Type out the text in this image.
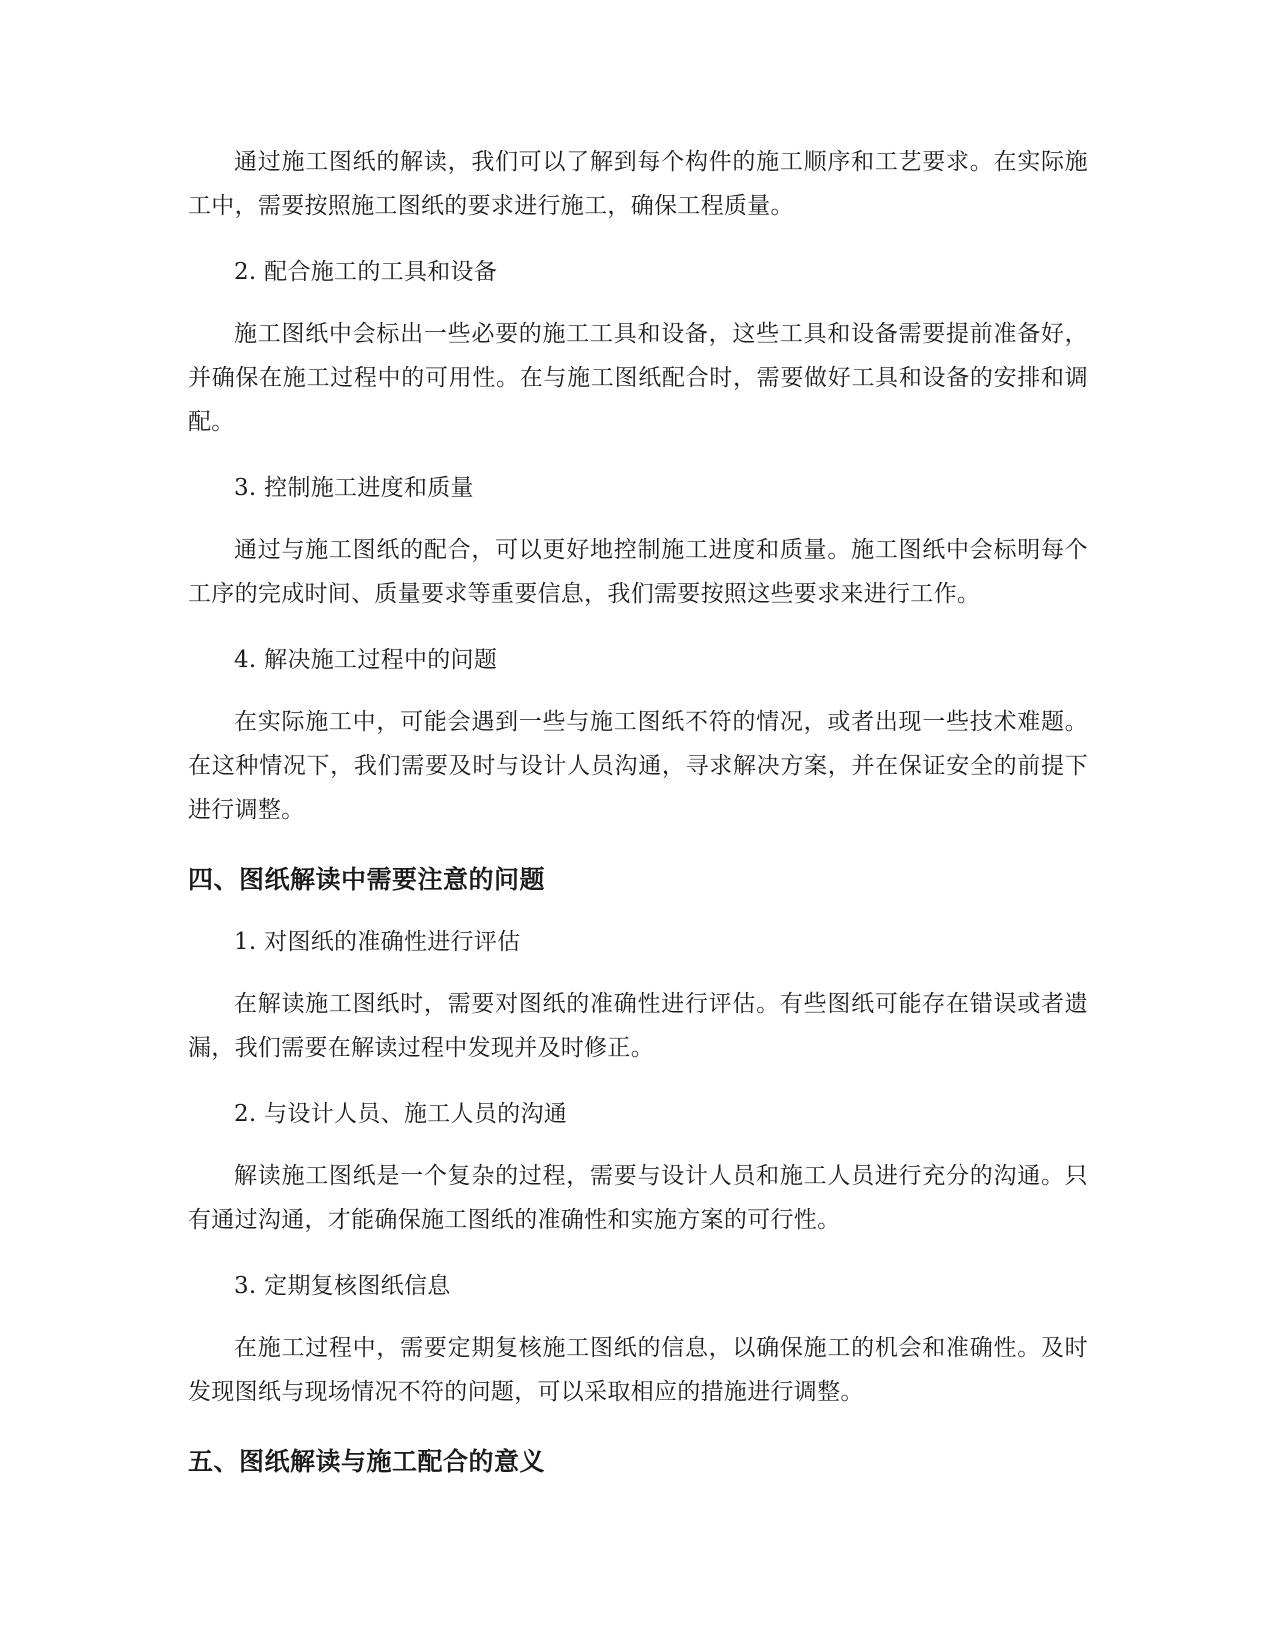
通过施工图纸的解读，我们可以了解到每个构件的施工顺序和工艺要求。在实际施工中，需要按照施工图纸的要求进行施工，确保工程质量。

2. 配合施工的工具和设备

施工图纸中会标出一些必要的施工工具和设备，这些工具和设备需要提前准备好，并确保在施工过程中的可用性。在与施工图纸配合时，需要做好工具和设备的安排和调配。

3. 控制施工进度和质量

通过与施工图纸的配合，可以更好地控制施工进度和质量。施工图纸中会标明每个工序的完成时间、质量要求等重要信息，我们需要按照这些要求来进行工作。

4. 解决施工过程中的问题

在实际施工中，可能会遇到一些与施工图纸不符的情况，或者出现一些技术难题。在这种情况下，我们需要及时与设计人员沟通，寻求解决方案，并在保证安全的前提下进行调整。

四、图纸解读中需要注意的问题

1. 对图纸的准确性进行评估

在解读施工图纸时，需要对图纸的准确性进行评估。有些图纸可能存在错误或者遗漏，我们需要在解读过程中发现并及时修正。

2. 与设计人员、施工人员的沟通

解读施工图纸是一个复杂的过程，需要与设计人员和施工人员进行充分的沟通。只有通过沟通，才能确保施工图纸的准确性和实施方案的可行性。

3. 定期复核图纸信息

在施工过程中，需要定期复核施工图纸的信息，以确保施工的机会和准确性。及时发现图纸与现场情况不符的问题，可以采取相应的措施进行调整。

五、图纸解读与施工配合的意义
